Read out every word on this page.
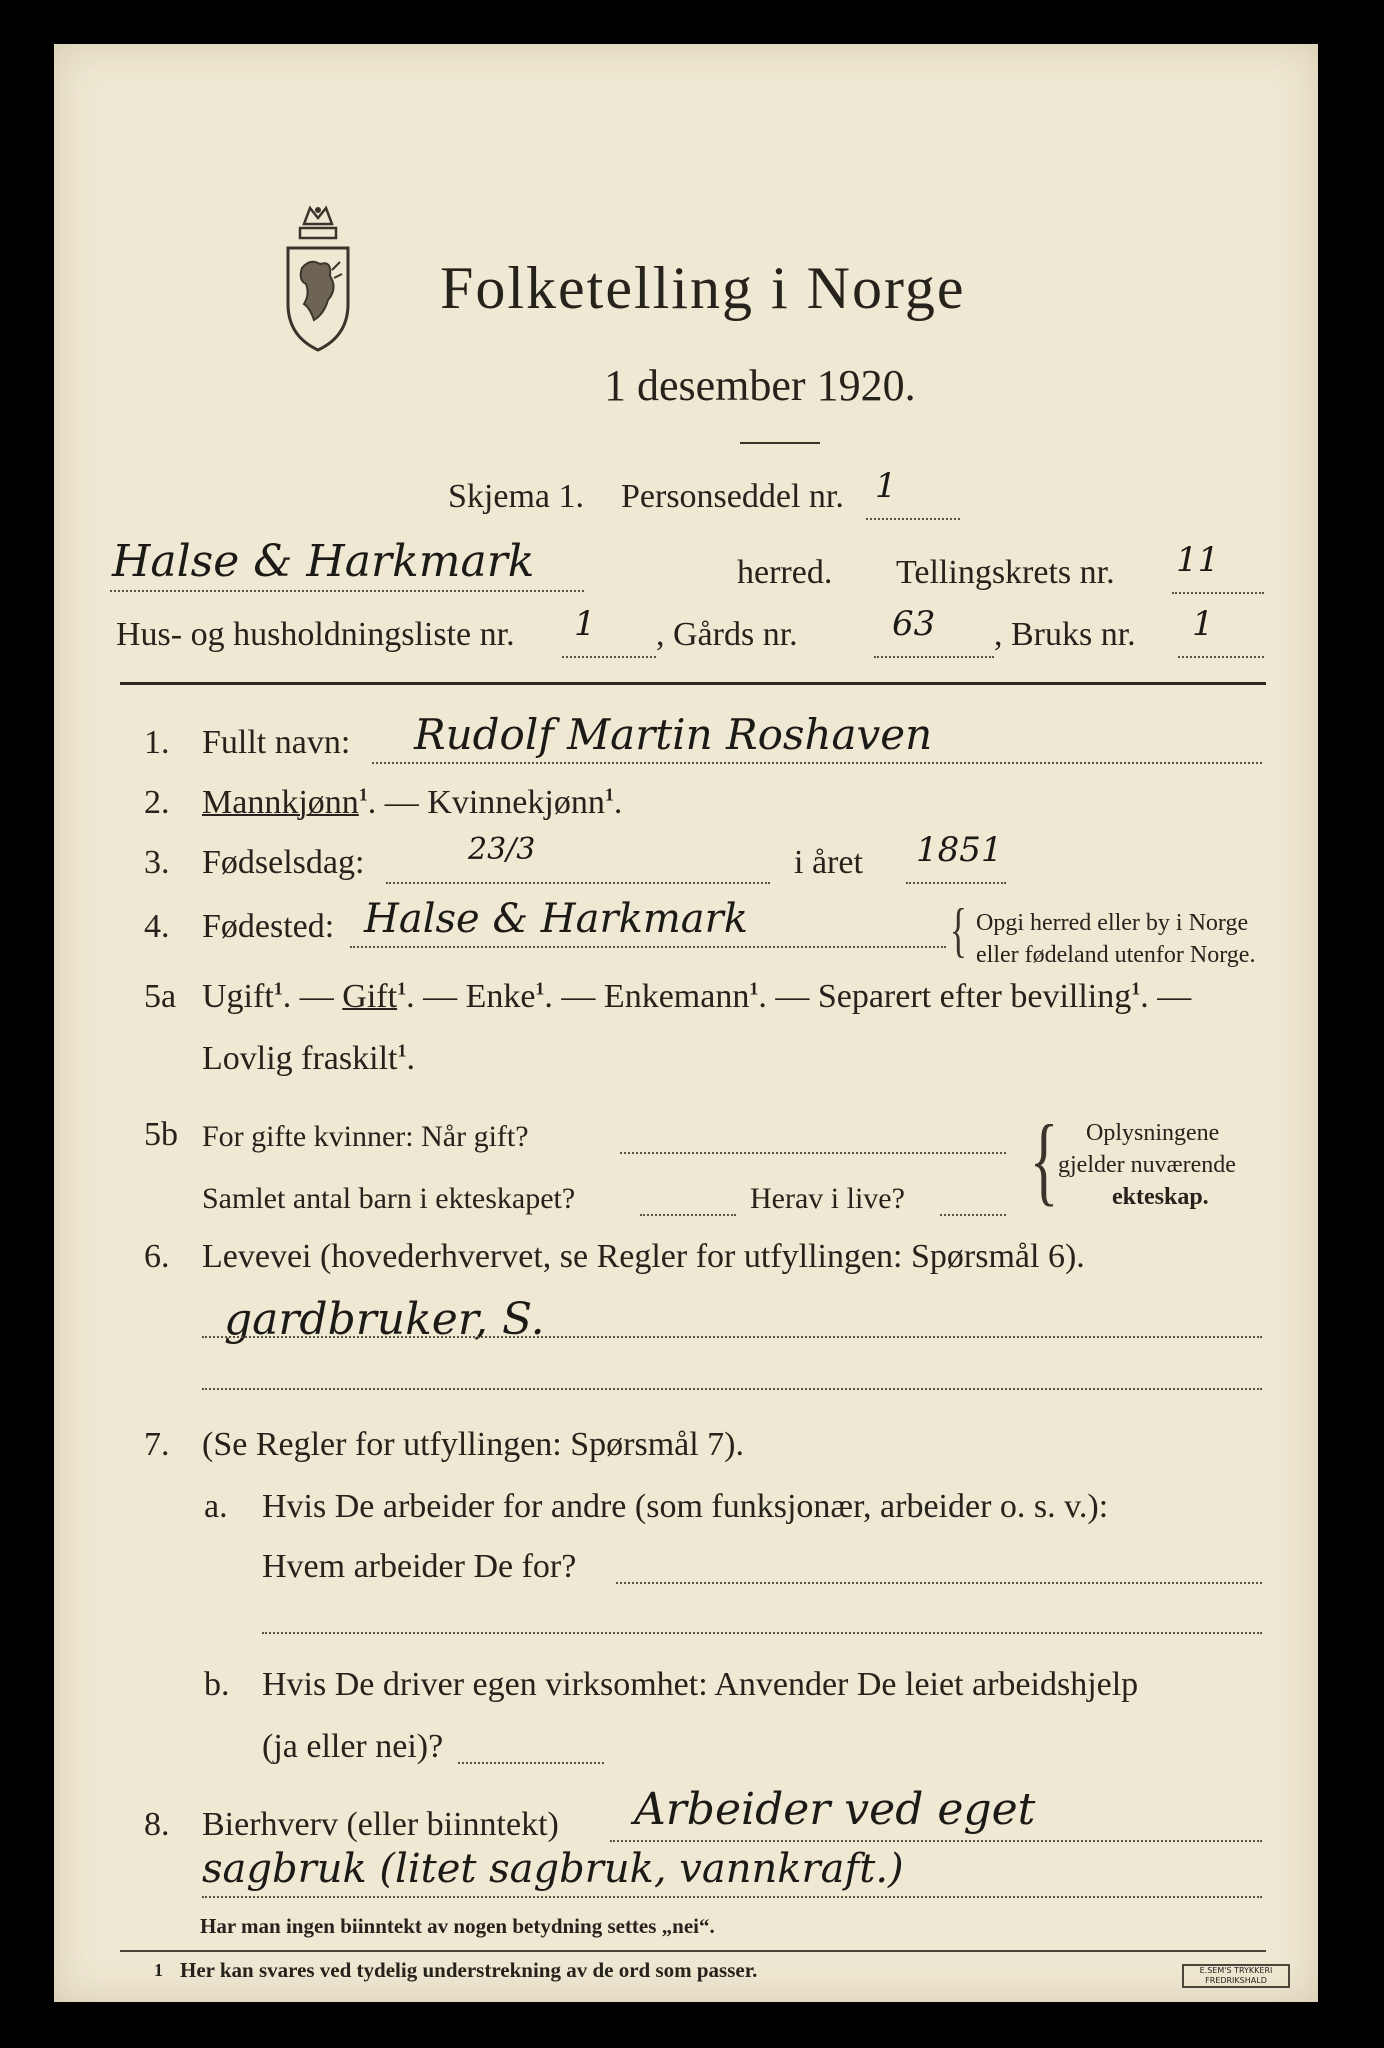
Folketelling i Norge
1 desember 1920.
Skjema 1. Personseddel nr. 1
Halse & Harkmark	herred. Tellingskrets nr. 11
Hus- og husholdningsliste nr. 1 , Gårds nr.	63 , Bruks nr. 1
1. Fullt navn: Rudolf Martin Roshaven
2. Mannkjønn$^1$. — Kvinnekjønn$^1$.
3. Fødselsdag:	23/3	i året 1851
4. Fødested: Halse & Harkmark	{ Opgi herred eller by i Norge
eller fødeland utenfor Norge.
5a Ugift$^1$. — Gift$^1$. — Enke$^1$. — Enkemann$^1$. — Separert efter bevilling$^1$. —
Lovlig fraskilt$^1$.
5b For gifte kvinner: Når gift?
Samlet antal barn i ekteskapet?	Herav i live? { Oplysningene
gjelder nuværende
ekteskap.
6. Levevei (hovederhvervet, se Regler for utfyllingen: Spørsmål 6).
gardbruker, S.
7. (Se Regler for utfyllingen: Spørsmål 7).
a. Hvis De arbeider for andre (som funksjonær, arbeider o. s. v.):
Hvem arbeider De for?
b. Hvis De driver egen virksomhet: Anvender De leiet arbeidshjelp
(ja eller nei)?
8. Bierhverv (eller biinntekt) Arbeider ved eget
sagbruk (litet sagbruk, vannkraft.)
Har man ingen biinntekt av nogen betydning settes „nei“.
1 Her kan svares ved tydelig understrekning av de ord som passer.	E.SEM'S TRYKKERI FREDRIKSHALD
